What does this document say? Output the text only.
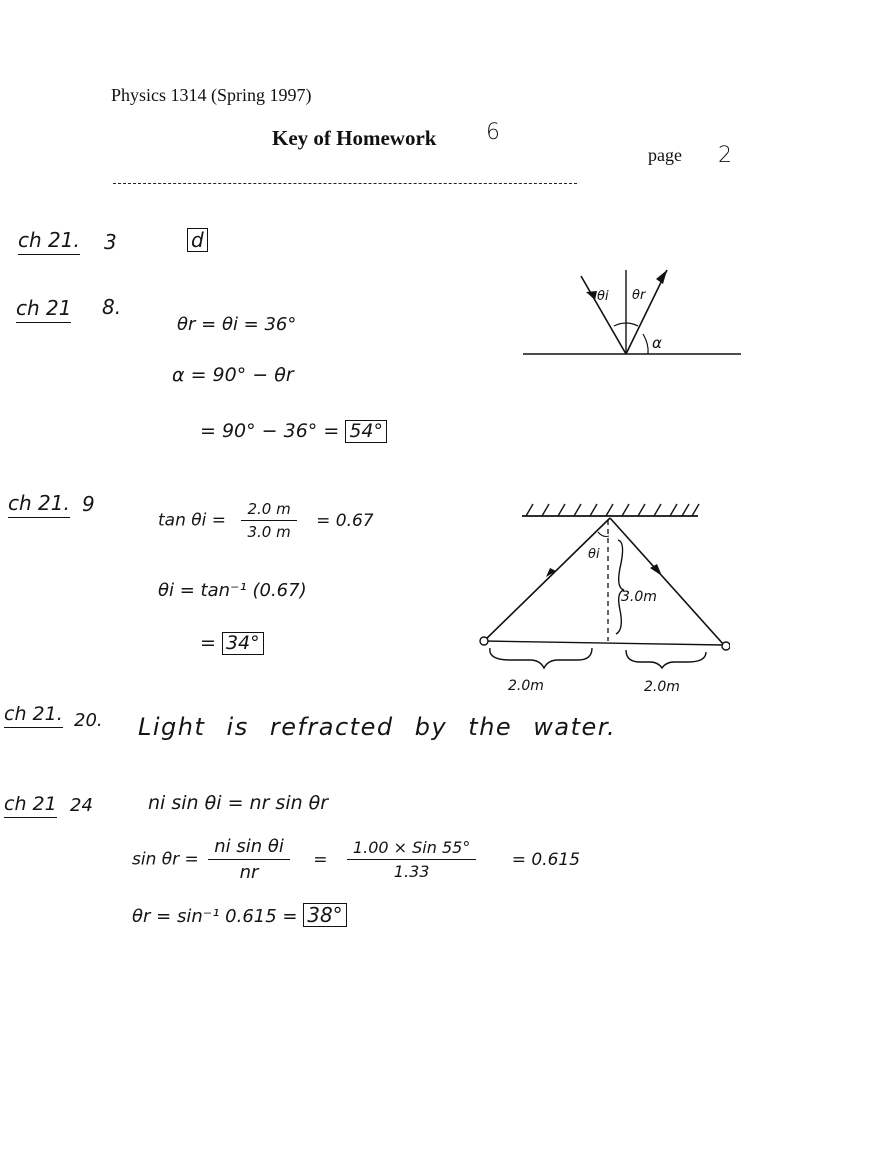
Physics 1314 (Spring 1997)
Key of Homework 6
page 2
ch 21. 3	d
ch 21 8.
θr = θi = 36°
α = 90° − θr
= 90° − 36° = 54°
θi θr
α
ch 21. 9
$\tan \theta i = \frac{2.0 m}{3.0 m} = 0.67$
θi = tan⁻¹ (0.67)
= 34°
θi
3.0m
2.0m	2.0m
ch 21. 20. Light is refracted by the water.
ch 21 24	ni sin θi = nr sin θr
$\sin \theta r = \frac{\text{ni sin θi}}{nr} = \frac{\text{1.00 × Sin 55°}}{1.33} = 0.615$
θr = sin⁻¹ 0.615 = 38°
